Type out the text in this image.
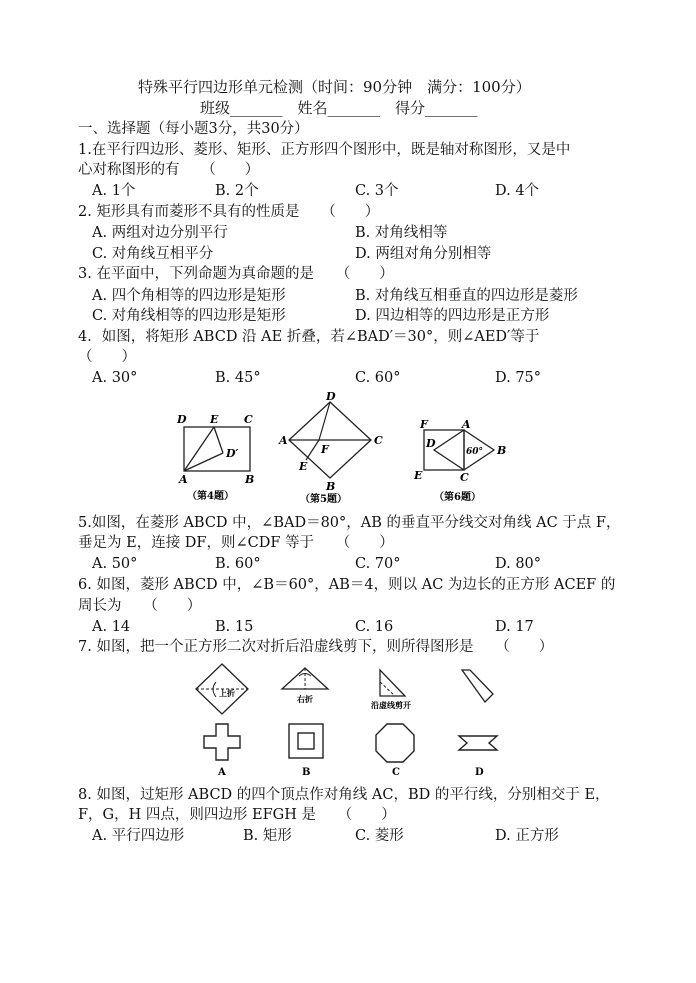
特殊平行四边形单元检测（时间：90分钟　满分：100分）
班级_______　姓名_______　得分_______
一、选择题（每小题3分，共30分）
1.在平行四边形、菱形、矩形、正方形四个图形中，既是轴对称图形，又是中
心对称图形的有　　（　　）
A. 1个	B. 2个	C. 3个	D. 4个
2. 矩形具有而菱形不具有的性质是　　（　　）
A. 两组对边分别平行	B. 对角线相等
C. 对角线互相平分	D. 两组对角分别相等
3. 在平面中，下列命题为真命题的是　　（　　）
A. 四个角相等的四边形是矩形	B. 对角线互相垂直的四边形是菱形
C. 对角线相等的四边形是矩形	D. 四边相等的四边形是正方形
4．如图，将矩形 ABCD 沿 AE 折叠，若∠BAD′＝30°，则∠AED′等于
（　　）
A. 30°	B. 45°	C. 60°	D. 75°
D E C
D′
A	B
（第4题）
D
A	C
F
E
B
（第5题）
F
D
A
60° B
E	C
（第6题）
5.如图，在菱形 ABCD 中，∠BAD＝80°，AB 的垂直平分线交对角线 AC 于点 F，
垂足为 E，连接 DF，则∠CDF 等于　　（　　）
A. 50°	B. 60°	C. 70°	D. 80°
6. 如图，菱形 ABCD 中，∠B＝60°，AB＝4，则以 AC 为边长的正方形 ACEF 的
周长为　　（　　）
A. 14	B. 15	C. 16	D. 17
7. 如图，把一个正方形二次对折后沿虚线剪下，则所得图形是　　（　　）
上折
右折
沿虚线剪开
A	B	C	D
8. 如图，过矩形 ABCD 的四个顶点作对角线 AC，BD 的平行线，分别相交于 E，
F，G，H 四点，则四边形 EFGH 是　　（　　）
A. 平行四边形	B. 矩形	C. 菱形	D. 正方形
